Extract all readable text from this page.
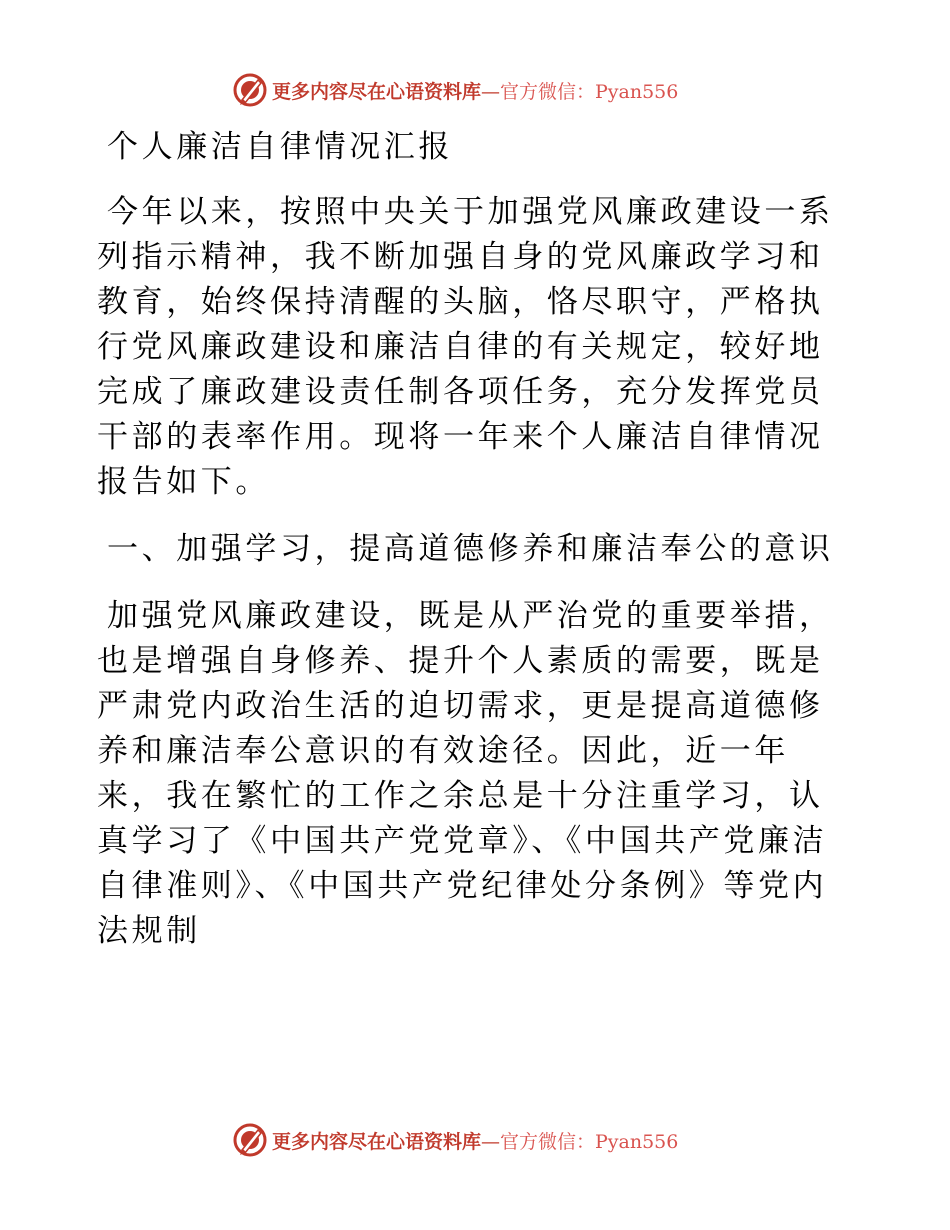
更多内容尽在心语资料库—官方微信：Pyan556

个人廉洁自律情况汇报

今年以来，按照中央关于加强党风廉政建设一系列指示精神，我不断加强自身的党风廉政学习和教育，始终保持清醒的头脑，恪尽职守，严格执行党风廉政建设和廉洁自律的有关规定，较好地完成了廉政建设责任制各项任务，充分发挥党员干部的表率作用。现将一年来个人廉洁自律情况报告如下。

一、加强学习，提高道德修养和廉洁奉公的意识

加强党风廉政建设，既是从严治党的重要举措，也是增强自身修养、提升个人素质的需要，既是严肃党内政治生活的迫切需求，更是提高道德修养和廉洁奉公意识的有效途径。因此，近一年来，我在繁忙的工作之余总是十分注重学习，认真学习了《中国共产党党章》、《中国共产党廉洁自律准则》、《中国共产党纪律处分条例》等党内法规制

更多内容尽在心语资料库—官方微信：Pyan556
